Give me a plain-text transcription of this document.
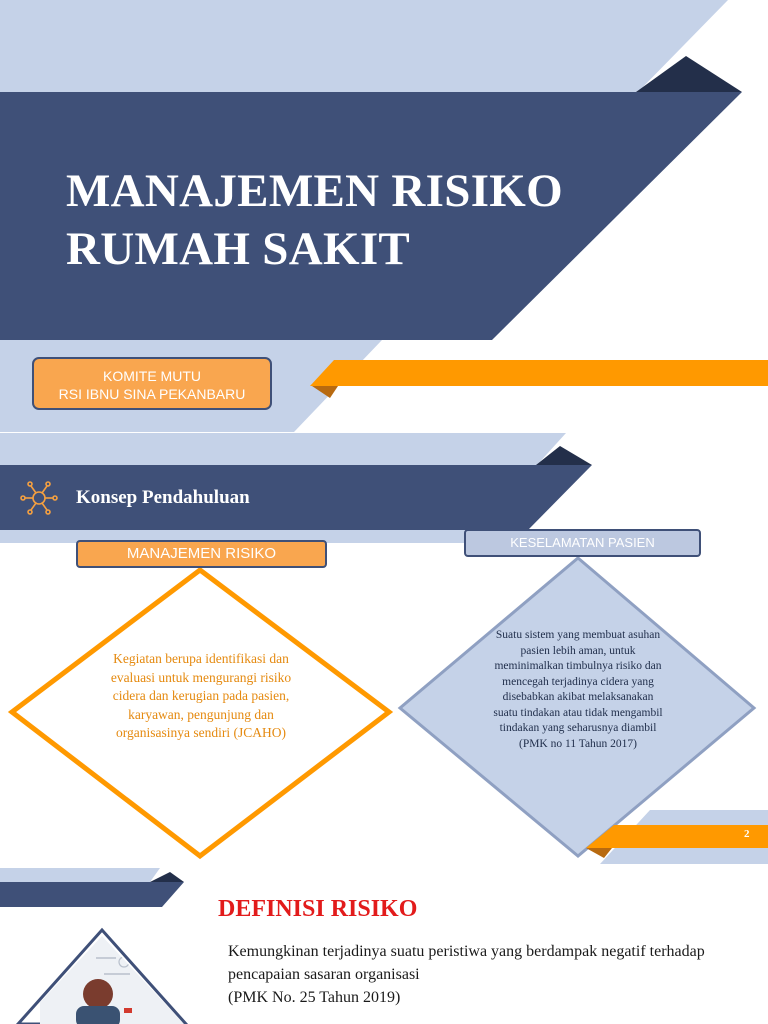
MANAJEMEN RISIKO
RUMAH SAKIT
KOMITE MUTU
RSI IBNU SINA PEKANBARU
Konsep Pendahuluan
MANAJEMEN RISIKO
KESELAMATAN PASIEN
Kegiatan berupa identifikasi dan evaluasi untuk mengurangi risiko cidera dan kerugian pada pasien, karyawan, pengunjung dan organisasinya sendiri (JCAHO)
Suatu sistem yang membuat asuhan pasien lebih aman, untuk meminimalkan timbulnya risiko dan mencegah terjadinya cidera yang disebabkan akibat melaksanakan suatu tindakan atau tidak mengambil tindakan yang seharusnya diambil (PMK no 11 Tahun 2017)
2
DEFINISI RISIKO
Kemungkinan terjadinya suatu peristiwa yang berdampak negatif terhadap
pencapaian sasaran organisasi
(PMK No. 25 Tahun 2019)
